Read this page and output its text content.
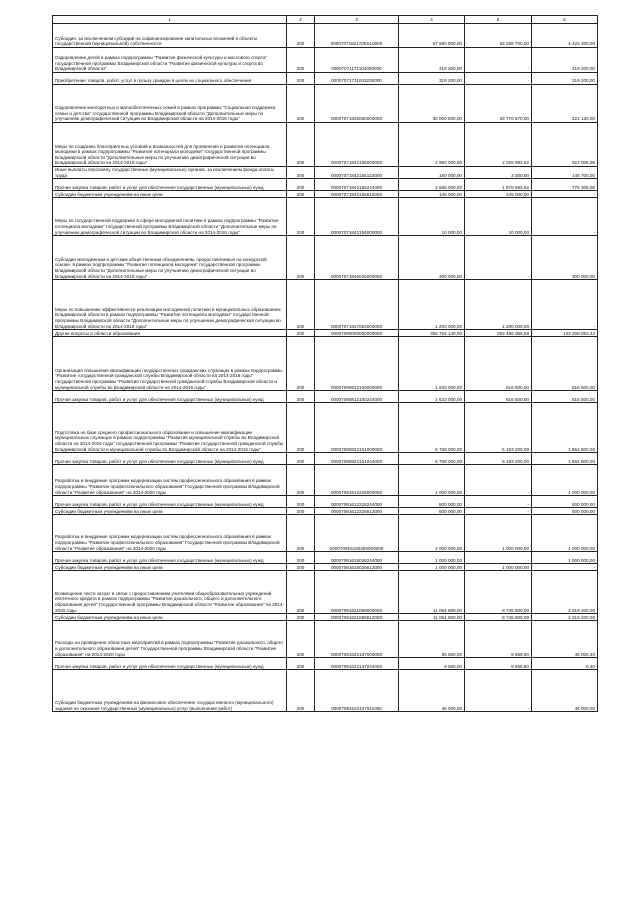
1	2	3	4	5	6
Субсидия, за исключением субсидий на софинансирование капитальных вложений в объекты государственной (муниципальной) собственности	200	00007071821705S10000	67 680 000,00	63 259 700,00	4 420 300,00
Оздоровление детей в рамках подпрограммы "Развитие физической культуры и массового спорта" государственной программы Владимирской области "Развитие физической культуры и спорта во Владимирской области"	200	00007071171104000000	319 200,00	-	319 200,00
Приобретение товаров, работ, услуг в пользу граждан в целях их социального обеспечения	200	00007071711043230000	319 200,00	-	319 200,00
Оздоровление многодетных и малообеспеченных семей в рамках программы "Социальная поддержка семьи и детства" государственной программы Владимирской области "Дополнительные меры по улучшению демографической ситуации во Владимирской области на 2014-2016 годы"	200	00007071826060000000	30 000 000,00	29 778 870,00	221 130,00
Меры по созданию благоприятных условий и возможностей для проявления и развития потенциала молодежи в рамках подпрограммы "Развитие потенциала молодежи" государственной программы Владимирской области "Дополнительные меры по улучшению демографической ситуации во Владимирской области на 2014-2016 годы"	200	00007071842155000000	2 950 000,00	2 026 993,92	923 006,08
Иные выплаты персоналу государственных (муниципальных) органов, за исключением фонда оплаты труда	200	00007071842155122000	150 000,00	3 300,00	146 700,00
Прочая закупка товаров, работ и услуг для обеспечения государственных (муниципальных) нужд	200	00007071842155244000	2 655 000,00	1 878 693,92	776 306,08
Субсидии бюджетным учреждениям на иные цели	200	00007071842155612000	145 000,00	145 000,00	-
Меры по государственной поддержке в сфере молодежной политики в рамках подпрограммы "Развитие потенциала молодежи" государственной программы Владимирской области "Дополнительные меры по улучшению демографической ситуации во Владимирской области на 2014-2016 годы"	200	00007071842156000000	10 000,00	10 000,00	-
Субсидии молодежным и детским общественным объединениям, предоставляемые на конкурсной основе, в рамках подпрограммы "Развитие потенциала молодежи" государственной программы Владимирской области "Дополнительные меры по улучшению демографической ситуации во Владимирской области на 2014-2016 годы"	200	00007071846025000000	300 000,00	-	300 000,00
Меры по повышению эффективности реализации молодежной политики в муниципальных образованиях Владимирской области в рамках подпрограммы "Развитие потенциала молодежи" государственной программы Владимирской области "Дополнительные меры по улучшению демографической ситуации во Владимирской области на 2014-2016 годы"	200	00007071847063000000	1 200 000,00	1 200 000,00	-
Другие вопросы в области образования	200	00007090000000000000	356 754 140,00	253 486 086,58	103 268 053,42
Организация повышения квалификации государственных гражданских служащих в рамках подпрограммы "Развитие государственной гражданской службы Владимирской области на 2014-2016 годы" государственной программы "Развитие государственной гражданской службы Владимирской области и муниципальной службы во Владимирской области на 2014-2016 годы"	200	00007090812100000000	1 633 000,00	816 500,00	816 500,00
Прочая закупка товаров, работ и услуг для обеспечения государственных (муниципальных) нужд	200	00007090812100244000	1 633 000,00	816 500,00	816 500,00
Подготовка на базе среднего профессионального образования и повышение квалификации муниципальных служащих в рамках подпрограммы "Развитие муниципальной службы во Владимирской области на 2014-2016 годы" государственной программы "Развитие государственной гражданской службы Владимирской области и муниципальной службы во Владимирской области на 2014-2016 годы"	200	00007090822101000000	6 758 000,00	5 193 200,00	1 564 800,00
Прочая закупка товаров, работ и услуг для обеспечения государственных (муниципальных) нужд	200	00007090822101244000	6 758 000,00	5 193 200,00	1 564 800,00
Разработка и внедрение программ модернизации систем профессионального образования в рамках подпрограммы "Развитие профессионального образования" Государственной программы Владимирской области "Развитие образования" на 2014-2020 годы	200	00007091612226000000	1 000 000,00	-	1 000 000,00
Прочая закупка товаров, работ и услуг для обеспечения государственных (муниципальных) нужд	200	00007091612226244000	500 000,00	-	500 000,00
Субсидии бюджетным учреждениям на иные цели	200	00007091612226612000	500 000,00	-	500 000,00
Разработка и внедрение программ модернизации систем профессионального образования в рамках подпрограммы "Развитие профессионального образования" Государственной программы Владимирской области "Развитие образования" на 2014-2020 годы	200	000070916150260000000	2 000 000,00	1 000 000,00	1 000 000,00
Прочая закупка товаров, работ и услуг для обеспечения государственных (муниципальных) нужд	200	00007091615026244000	1 000 000,00	-	1 000 000,00
Субсидии бюджетным учреждениям на иные цели	200	00007091615026612000	1 000 000,00	1 000 000,00	-
Возмещение части затрат в связи с предоставлением учителями общеобразовательных учреждений ипотечного кредита в рамках подпрограммы "Развитие дошкольного, общего и дополнительного образования детей" Государственной программы Владимирской области "Развитие образования" на 2014-2020 годы	200	00007091621069000000	11 064 800,00	8 745 600,00	2 319 200,00
Субсидии бюджетным учреждениям на иные цели	200	00007091621069612000	11 064 800,00	8 745 600,00	2 319 200,00
Расходы на проведение областных мероприятий в рамках подпрограммы "Развитие дошкольного, общего и дополнительного образования детей" Государственной программы Владимирской области "Развитие образования" на 2014-2020 годы	200	00007091622137000000	55 660,00	9 659,60	46 000,40
Прочая закупка товаров, работ и услуг для обеспечения государственных (муниципальных) нужд	200	00007091622137244000	9 660,00	9 659,60	0,40
Субсидии бюджетным учреждениям на финансовое обеспечение государственного (муниципального) задания на оказание государственных (муниципальных) услуг (выполнение работ)	200	00007091622137611000	46 000,00	-	46 000,00
